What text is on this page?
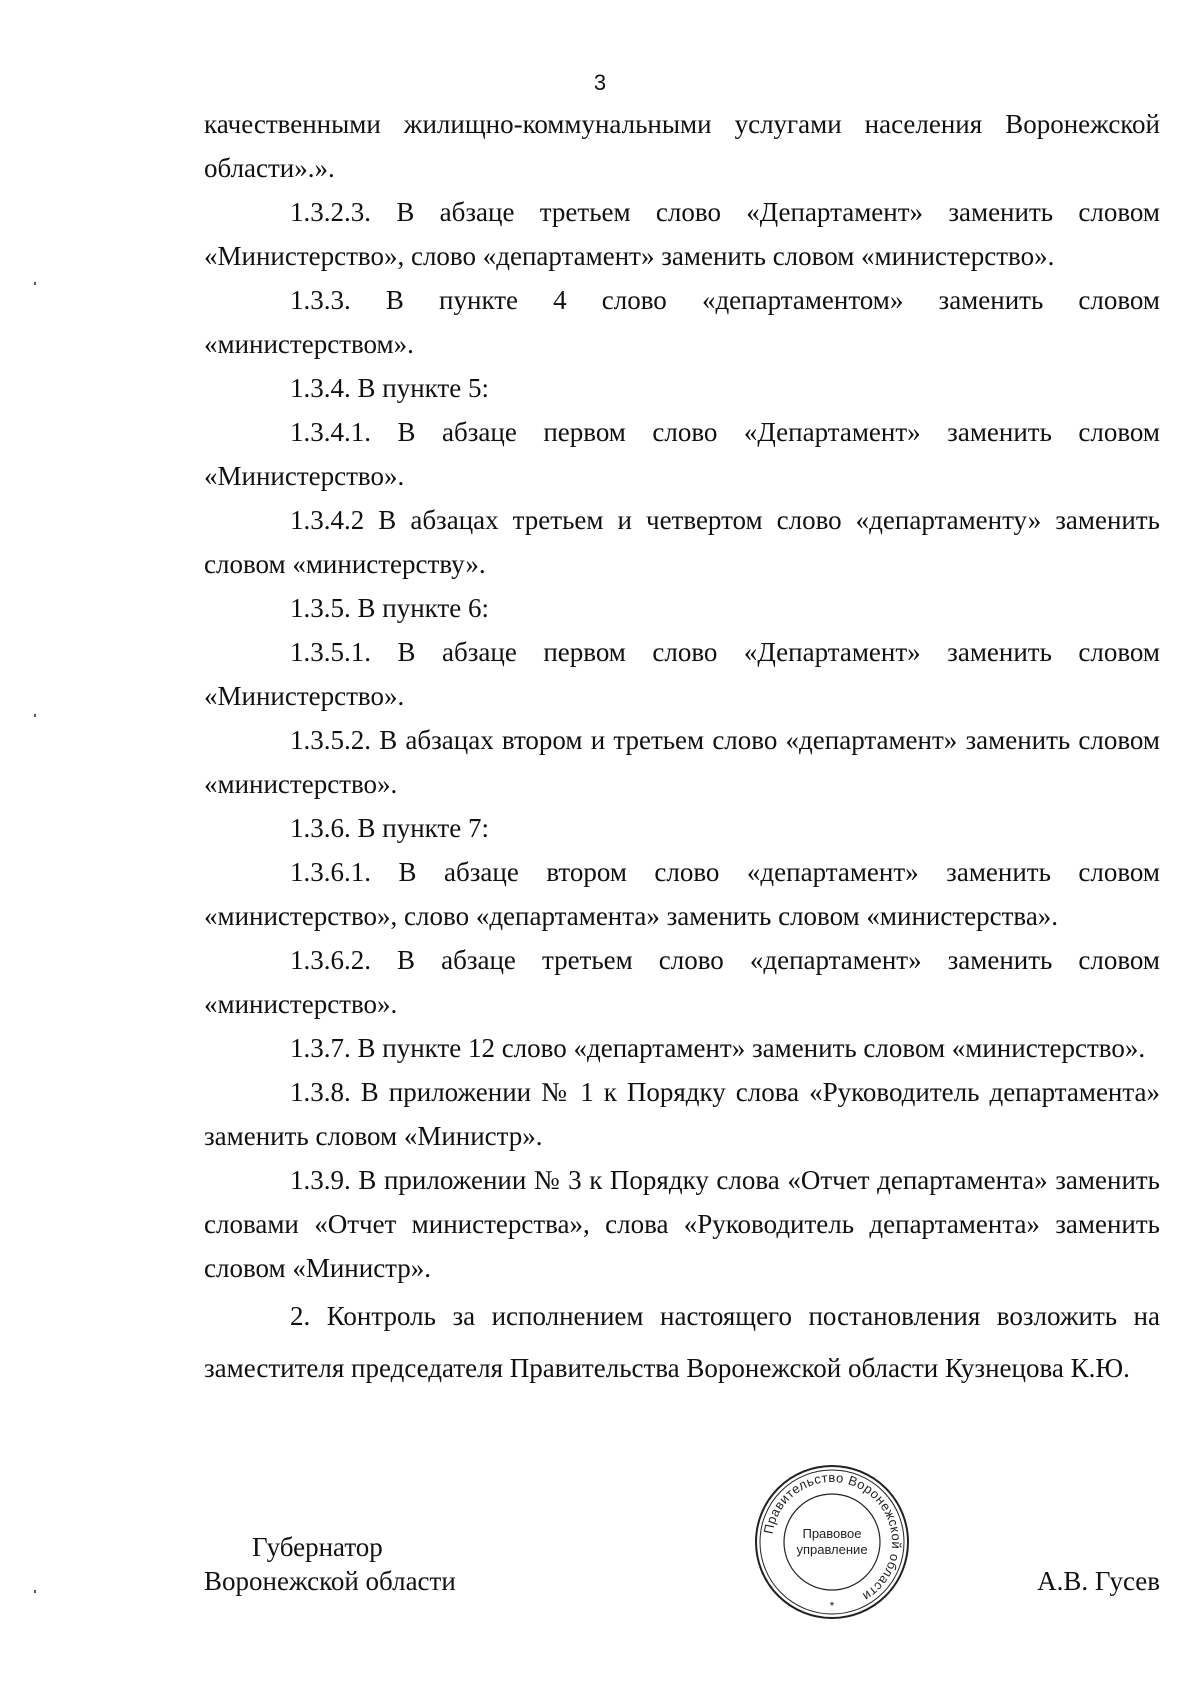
3

качественными жилищно-коммунальными услугами населения Воронежской области».».

1.3.2.3. В абзаце третьем слово «Департамент» заменить словом «Министерство», слово «департамент» заменить словом «министерство».

1.3.3. В пункте 4 слово «департаментом» заменить словом «министерством».

1.3.4. В пункте 5:

1.3.4.1. В абзаце первом слово «Департамент» заменить словом «Министерство».

1.3.4.2 В абзацах третьем и четвертом слово «департаменту» заменить словом «министерству».

1.3.5. В пункте 6:

1.3.5.1. В абзаце первом слово «Департамент» заменить словом «Министерство».

1.3.5.2. В абзацах втором и третьем слово «департамент» заменить словом «министерство».

1.3.6. В пункте 7:

1.3.6.1. В абзаце втором слово «департамент» заменить словом «министерство», слово «департамента» заменить словом «министерства».

1.3.6.2. В абзаце третьем слово «департамент» заменить словом «министерство».

1.3.7. В пункте 12 слово «департамент» заменить словом «министерство».

1.3.8. В приложении № 1 к Порядку слова «Руководитель департамента» заменить словом «Министр».

1.3.9. В приложении № 3 к Порядку слова «Отчет департамента» заменить словами «Отчет министерства», слова «Руководитель департамента» заменить словом «Министр».

2. Контроль за исполнением настоящего постановления возложить на заместителя председателя Правительства Воронежской области Кузнецова К.Ю.

Правительство Воронежской области
Правовое
управление
*
Губернатор
Воронежской области	А.В. Гусев
